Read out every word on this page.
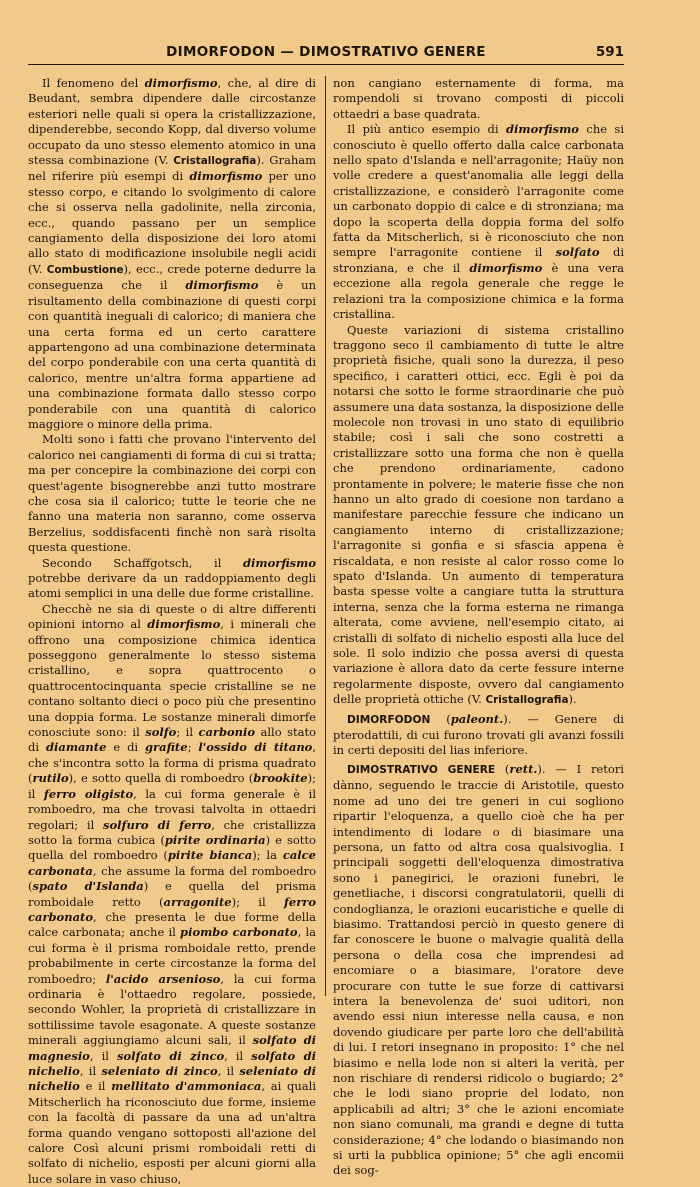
DIMORFODON — DIMOSTRATIVO GENERE	591

Il fenomeno del dimorfismo, che, al dire di Beudant, sembra dipendere dalle circostanze esteriori nelle quali si opera la cristallizzazione, dipenderebbe, secondo Kopp, dal diverso volume occupato da uno stesso elemento atomico in una stessa combinazione (V. Cristallografia). Graham nel riferire più esempi di dimorfismo per uno stesso corpo, e citando lo svolgimento di calore che si osserva nella gadolinite, nella zirconia, ecc., quando passano per un semplice cangiamento della disposizione dei loro atomi allo stato di modificazione insolubile negli acidi (V. Combustione), ecc., crede poterne dedurre la conseguenza che il dimorfismo è un risultamento della combinazione di questi corpi con quantità ineguali di calorico; di maniera che una certa forma ed un certo carattere appartengono ad una combinazione determinata del corpo ponderabile con una certa quantità di calorico, mentre un'altra forma appartiene ad una combinazione formata dallo stesso corpo ponderabile con una quantità di calorico maggiore o minore della prima.

Molti sono i fatti che provano l'intervento del calorico nei cangiamenti di forma di cui si tratta; ma per concepire la combinazione dei corpi con quest'agente bisognerebbe anzi tutto mostrare che cosa sia il calorico; tutte le teorie che ne fanno una materia non saranno, come osserva Berzelius, soddisfacenti finchè non sarà risolta questa questione.

Secondo Schaffgotsch, il dimorfismo potrebbe derivare da un raddoppiamento degli atomi semplici in una delle due forme cristalline.

Checchè ne sia di queste o di altre differenti opinioni intorno al dimorfismo, i minerali che offrono una composizione chimica identica posseggono generalmente lo stesso sistema cristallino, e sopra quattrocento o quattrocentocinquanta specie cristalline se ne contano soltanto dieci o poco più che presentino una doppia forma. Le sostanze minerali dimorfe conosciute sono: il solfo; il carbonio allo stato di diamante e di grafite; l'ossido di titano, che s'incontra sotto la forma di prisma quadrato (rutilo), e sotto quella di romboedro (brookite); il ferro oligisto, la cui forma generale è il romboedro, ma che trovasi talvolta in ottaedri regolari; il solfuro di ferro, che cristallizza sotto la forma cubica (pirite ordinaria) e sotto quella del romboedro (pirite bianca); la calce carbonata, che assume la forma del romboedro (spato d'Islanda) e quella del prisma romboidale retto (arragonite); il ferro carbonato, che presenta le due forme della calce carbonata; anche il piombo carbonato, la cui forma è il prisma romboidale retto, prende probabilmente in certe circostanze la forma del romboedro; l'acido arsenioso, la cui forma ordinaria è l'ottaedro regolare, possiede, secondo Wohler, la proprietà di cristallizzare in sottilissime tavole esagonate. A queste sostanze minerali aggiungiamo alcuni sali, il solfato di magnesio, il solfato di zinco, il solfato di nichelio, il seleniato di zinco, il seleniato di nichelio e il mellitato d'ammoniaca, ai quali Mitscherlich ha riconosciuto due forme, insieme con la facoltà di passare da una ad un'altra forma quando vengano sottoposti all'azione del calore Così alcuni prismi romboidali retti di solfato di nichelio, esposti per alcuni giorni alla luce solare in vaso chiuso,

non cangiano esternamente di forma, ma rompendoli si trovano composti di piccoli ottaedri a base quadrata.

Il più antico esempio di dimorfismo che si conosciuto è quello offerto dalla calce carbonata nello spato d'Islanda e nell'arragonite; Haüy non volle credere a quest'anomalia alle leggi della cristallizzazione, e considerò l'arragonite come un carbonato doppio di calce e di stronziana; ma dopo la scoperta della doppia forma del solfo fatta da Mitscherlich, si è riconosciuto che non sempre l'arragonite contiene il solfato di stronziana, e che il dimorfismo è una vera eccezione alla regola generale che regge le relazioni tra la composizione chimica e la forma cristallina.

Queste variazioni di sistema cristallino traggono seco il cambiamento di tutte le altre proprietà fisiche, quali sono la durezza, il peso specifico, i caratteri ottici, ecc. Egli è poi da notarsi che sotto le forme straordinarie che può assumere una data sostanza, la disposizione delle molecole non trovasi in uno stato di equilibrio stabile; così i sali che sono costretti a cristallizzare sotto una forma che non è quella che prendono ordinariamente, cadono prontamente in polvere; le materie fisse che non hanno un alto grado di coesione non tardano a manifestare parecchie fessure che indicano un cangiamento interno di cristallizzazione; l'arragonite si gonfia e si sfascia appena è riscaldata, e non resiste al calor rosso come lo spato d'Islanda. Un aumento di temperatura basta spesse volte a cangiare tutta la struttura interna, senza che la forma esterna ne rimanga alterata, come avviene, nell'esempio citato, ai cristalli di solfato di nichelio esposti alla luce del sole. Il solo indizio che possa aversi di questa variazione è allora dato da certe fessure interne regolarmente disposte, ovvero dal cangiamento delle proprietà ottiche (V. Cristallografia).

DIMORFODON (paleont.). — Genere di pterodattili, di cui furono trovati gli avanzi fossili in certi depositi del lias inferiore.

DIMOSTRATIVO GENERE (rett.). — I retori dànno, seguendo le traccie di Aristotile, questo nome ad uno dei tre generi in cui sogliono ripartir l'eloquenza, a quello cioè che ha per intendimento di lodare o di biasimare una persona, un fatto od altra cosa qualsivoglia. I principali soggetti dell'eloquenza dimostrativa sono i panegirici, le orazioni funebri, le genetliache, i discorsi congratulatorii, quelli di condoglianza, le orazioni eucaristiche e quelle di biasimo. Trattandosi perciò in questo genere di far conoscere le buone o malvagie qualità della persona o della cosa che imprendesi ad encomiare o a biasimare, l'oratore deve procurare con tutte le sue forze di cattivarsi intera la benevolenza de' suoi uditori, non avendo essi niun interesse nella causa, e non dovendo giudicare per parte loro che dell'abilità di lui. I retori insegnano in proposito: 1° che nel biasimo e nella lode non si alteri la verità, per non rischiare di rendersi ridicolo o bugiardo; 2° che le lodi siano proprie del lodato, non applicabili ad altri; 3° che le azioni encomiate non siano comunali, ma grandi e degne di tutta considerazione; 4° che lodando o biasimando non si urti la pubblica opinione; 5° che agli encomii dei sog-
